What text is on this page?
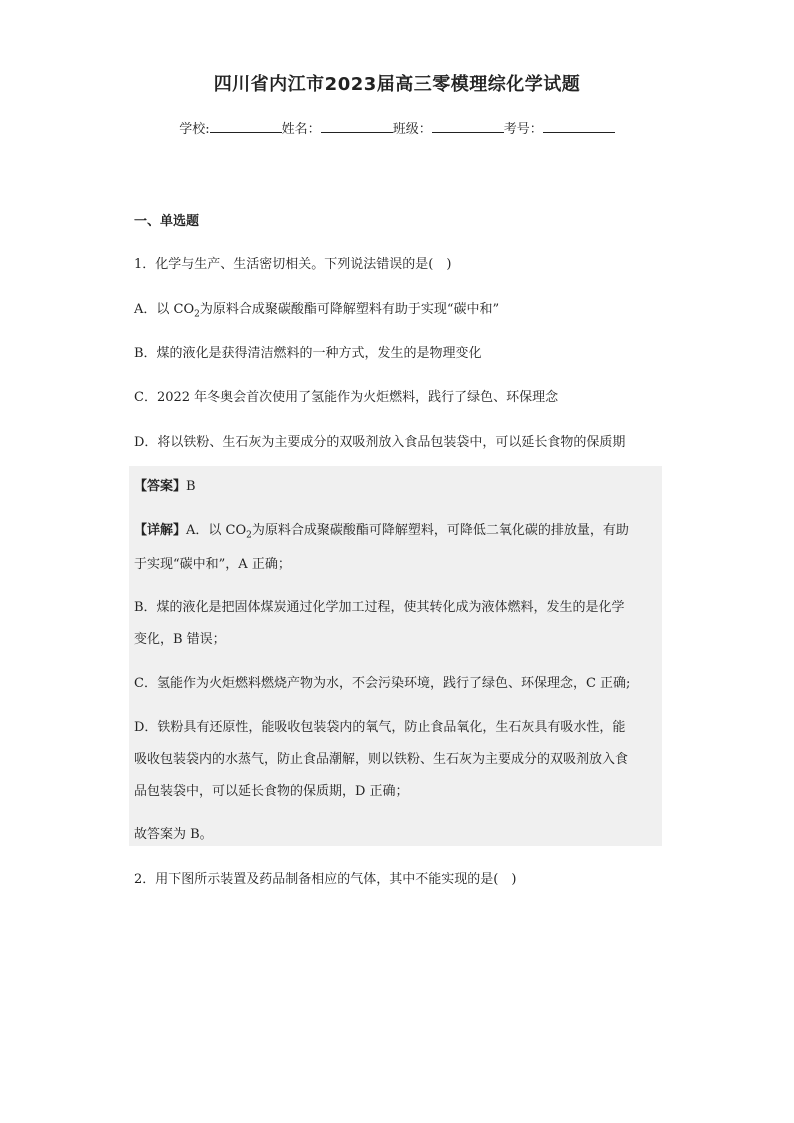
四川省内江市2023届高三零模理综化学试题
学校:	姓名：	班级：	考号：
一、单选题
1．化学与生产、生活密切相关。下列说法错误的是(　)
A．以 $CO_2$为原料合成聚碳酸酯可降解塑料有助于实现“碳中和”
B．煤的液化是获得清洁燃料的一种方式，发生的是物理变化
C．2022 年冬奥会首次使用了氢能作为火炬燃料，践行了绿色、环保理念
D．将以铁粉、生石灰为主要成分的双吸剂放入食品包装袋中，可以延长食物的保质期
【答案】B
【详解】A．以 $CO_2$为原料合成聚碳酸酯可降解塑料，可降低二氧化碳的排放量，有助
于实现“碳中和”，A 正确；
B．煤的液化是把固体煤炭通过化学加工过程，使其转化成为液体燃料，发生的是化学
变化，B 错误；
C．氢能作为火炬燃料燃烧产物为水，不会污染环境，践行了绿色、环保理念，C 正确;
D．铁粉具有还原性，能吸收包装袋内的氧气，防止食品氧化，生石灰具有吸水性，能
吸收包装袋内的水蒸气，防止食品潮解，则以铁粉、生石灰为主要成分的双吸剂放入食
品包装袋中，可以延长食物的保质期，D 正确；
故答案为 B。
2．用下图所示装置及药品制备相应的气体，其中不能实现的是(　)
